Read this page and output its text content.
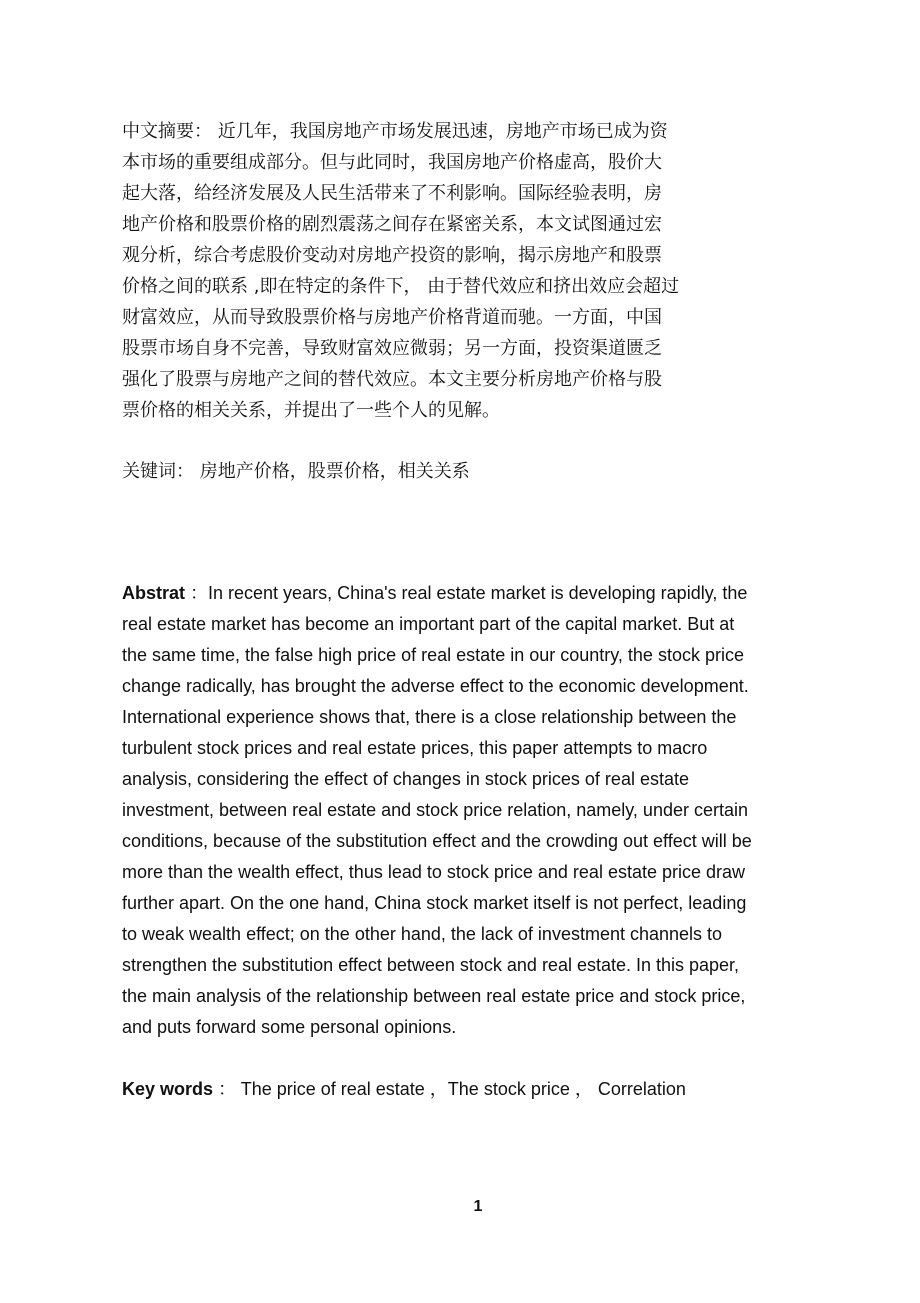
中文摘要： 近几年，我国房地产市场发展迅速，房地产市场已成为资
本市场的重要组成部分。但与此同时，我国房地产价格虚高，股价大
起大落，给经济发展及人民生活带来了不利影响。国际经验表明，房
地产价格和股票价格的剧烈震荡之间存在紧密关系，本文试图通过宏
观分析，综合考虑股价变动对房地产投资的影响，揭示房地产和股票
价格之间的联系 ,即在特定的条件下， 由于替代效应和挤出效应会超过
财富效应，从而导致股票价格与房地产价格背道而驰。一方面，中国
股票市场自身不完善，导致财富效应微弱；另一方面，投资渠道匮乏
强化了股票与房地产之间的替代效应。本文主要分析房地产价格与股
票价格的相关关系，并提出了一些个人的见解。
关键词： 房地产价格，股票价格，相关关系
Abstrat ：In recent years, China's real estate market is developing rapidly, the
real estate market has become an important part of the capital market. But at
the same time, the false high price of real estate in our country, the stock price
change radically, has brought the adverse effect to the economic development.
International experience shows that, there is a close relationship between the
turbulent stock prices and real estate prices, this paper attempts to macro
analysis, considering the effect of changes in stock prices of real estate
investment, between real estate and stock price relation, namely, under certain
conditions, because of the substitution effect and the crowding out effect will be
more than the wealth effect, thus lead to stock price and real estate price draw
further apart. On the one hand, China stock market itself is not perfect, leading
to weak wealth effect; on the other hand, the lack of investment channels to
strengthen the substitution effect between stock and real estate. In this paper,
the main analysis of the relationship between real estate price and stock price,
and puts forward some personal opinions.
Key words ： The price of real estate ，The stock price ， Correlation
1
